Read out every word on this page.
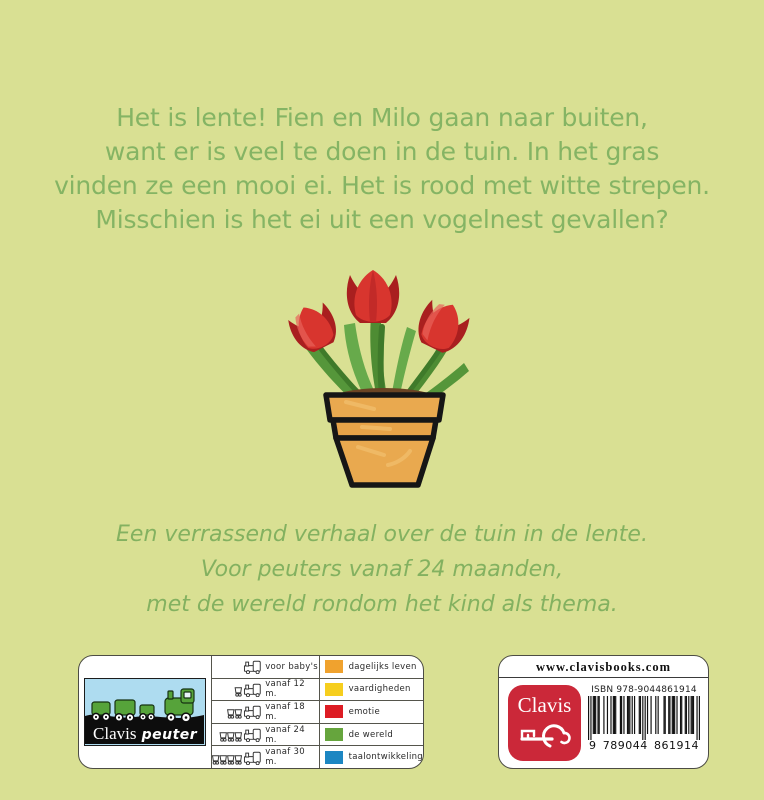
Het is lente! Fien en Milo gaan naar buiten,
want er is veel te doen in de tuin. In het gras
vinden ze een mooi ei. Het is rood met witte strepen.
Misschien is het ei uit een vogelnest gevallen?
Een verrassend verhaal over de tuin in de lente.
Voor peuters vanaf 24 maanden,
met de wereld rondom het kind als thema.
Clavis peuter
voor baby's
vanaf 12 m.
vanaf 18 m.
vanaf 24 m.
vanaf 30 m.
dagelijks leven
vaardigheden
emotie
de wereld
taalontwikkeling
www.clavisbooks.com
Clavis
ISBN 978-9044861914
9 789044 861914
